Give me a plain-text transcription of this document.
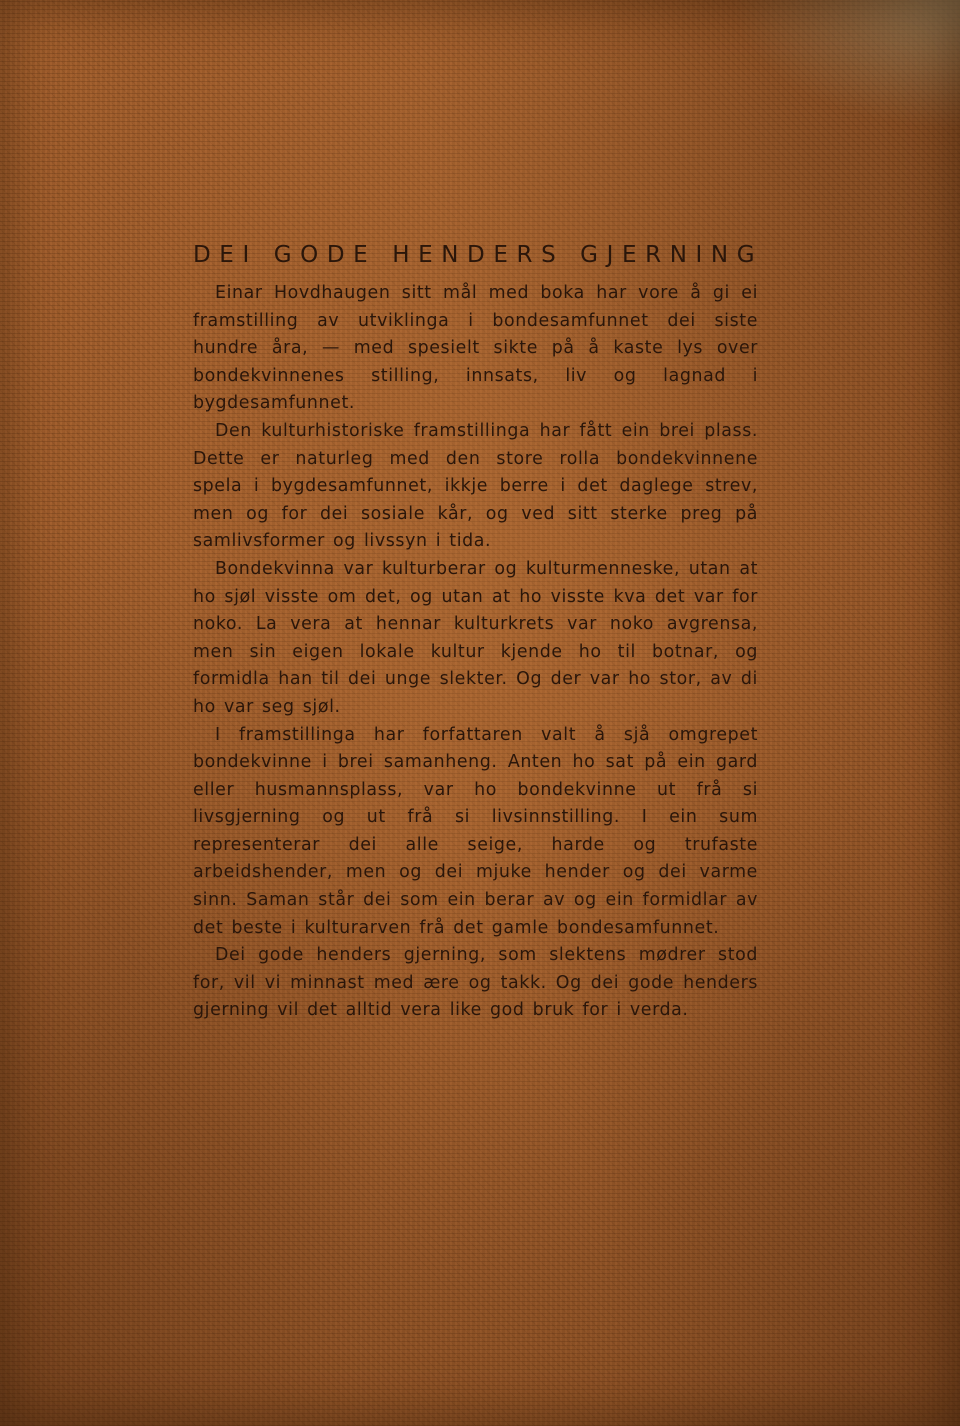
DEI GODE HENDERS GJERNING

Einar Hovdhaugen sitt mål med boka har vore å gi ei framstilling av utviklinga i bondesamfunnet dei siste hundre åra, — med spesielt sikte på å kaste lys over bondekvinnenes stilling, innsats, liv og lagnad i bygdesamfunnet.

Den kulturhistoriske framstillinga har fått ein brei plass. Dette er naturleg med den store rolla bondekvinnene spela i bygdesamfunnet, ikkje berre i det daglege strev, men og for dei sosiale kår, og ved sitt sterke preg på samlivsformer og livssyn i tida.

Bondekvinna var kulturberar og kulturmenneske, utan at ho sjøl visste om det, og utan at ho visste kva det var for noko. La vera at hennar kulturkrets var noko avgrensa, men sin eigen lokale kultur kjende ho til botnar, og formidla han til dei unge slekter. Og der var ho stor, av di ho var seg sjøl.

I framstillinga har forfattaren valt å sjå omgrepet bondekvinne i brei samanheng. Anten ho sat på ein gard eller husmannsplass, var ho bondekvinne ut frå si livsgjerning og ut frå si livsinnstilling. I ein sum representerar dei alle seige, harde og trufaste arbeidshender, men og dei mjuke hender og dei varme sinn. Saman står dei som ein berar av og ein formidlar av det beste i kulturarven frå det gamle bondesamfunnet.

Dei gode henders gjerning, som slektens mødrer stod for, vil vi minnast med ære og takk. Og dei gode henders gjerning vil det alltid vera like god bruk for i verda.
